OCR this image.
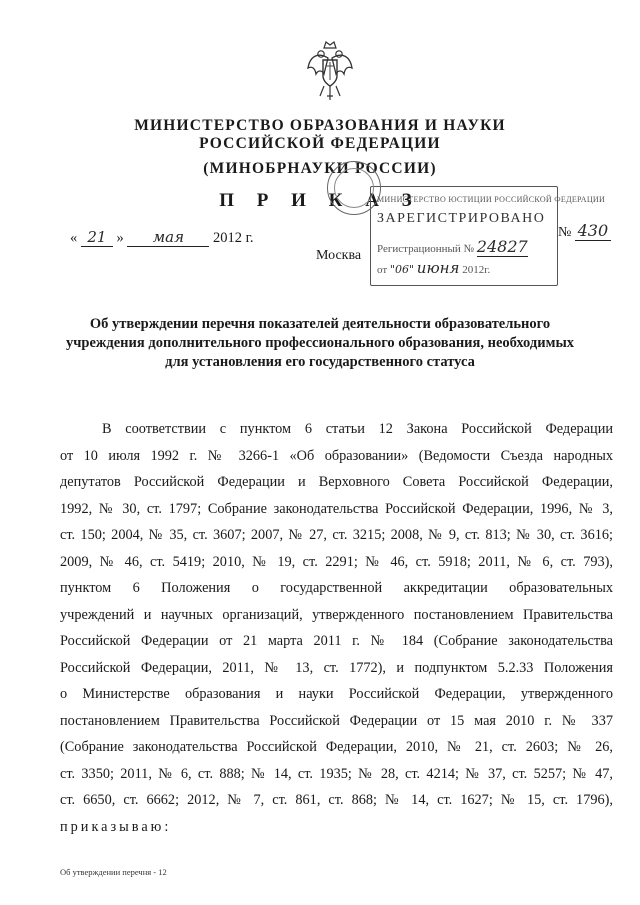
МИНИСТЕРСТВО ОБРАЗОВАНИЯ И НАУКИ
РОССИЙСКОЙ ФЕДЕРАЦИИ
(МИНОБРНАУКИ РОССИИ)
П Р И К А З
« 21 » мая 2012 г.
МИНИСТЕРСТВО ЮСТИЦИИ РОССИЙСКОЙ ФЕДЕРАЦИИ
ЗАРЕГИСТРИРОВАНО
Регистрационный № 24827
от "06" июня 2012г.
№ 430
Москва
Об утверждении перечня показателей деятельности образовательного
учреждения дополнительного профессионального образования, необходимых
для установления его государственного статуса
В соответствии с пунктом 6 статьи 12 Закона Российской Федерации
от 10 июля 1992 г. № 3266-1 «Об образовании» (Ведомости Съезда народных
депутатов Российской Федерации и Верховного Совета Российской Федерации,
1992, № 30, ст. 1797; Собрание законодательства Российской Федерации, 1996, № 3,
ст. 150; 2004, № 35, ст. 3607; 2007, № 27, ст. 3215; 2008, № 9, ст. 813; № 30, ст. 3616;
2009, № 46, ст. 5419; 2010, № 19, ст. 2291; № 46, ст. 5918; 2011, № 6, ст. 793),
пунктом 6 Положения о государственной аккредитации образовательных
учреждений и научных организаций, утвержденного постановлением Правительства
Российской Федерации от 21 марта 2011 г. № 184 (Собрание законодательства
Российской Федерации, 2011, № 13, ст. 1772), и подпунктом 5.2.33 Положения
о Министерстве образования и науки Российской Федерации, утвержденного
постановлением Правительства Российской Федерации от 15 мая 2010 г. № 337
(Собрание законодательства Российской Федерации, 2010, № 21, ст. 2603; № 26,
ст. 3350; 2011, № 6, ст. 888; № 14, ст. 1935; № 28, ст. 4214; № 37, ст. 5257; № 47,
ст. 6650, ст. 6662; 2012, № 7, ст. 861, ст. 868; № 14, ст. 1627; № 15, ст. 1796),
приказываю:
Об утверждении перечня - 12
